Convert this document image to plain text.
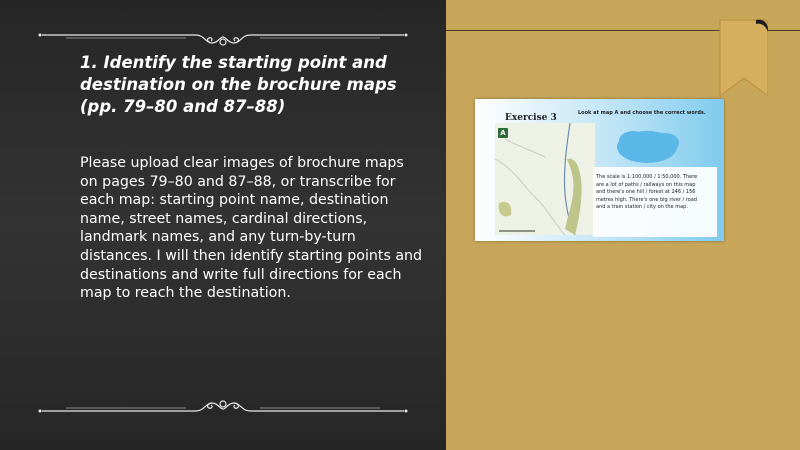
1. Identify the starting point and destination on the brochure maps (pp. 79–80 and 87–88)

Please upload clear images of brochure maps on pages 79–80 and 87–88, or transcribe for each map: starting point name, destination name, street names, cardinal directions, landmark names, and any turn-by-turn distances. I will then identify starting points and destinations and write full directions for each map to reach the destination.

Exercise 3	Look at map A and choose the correct words.
A
The scale is 1:100,000 / 1:50,000. There are a lot of paths / railways on this map and there's one hill / forest at 246 / 156 metres high. There's one big river / road and a train station / city on the map.
